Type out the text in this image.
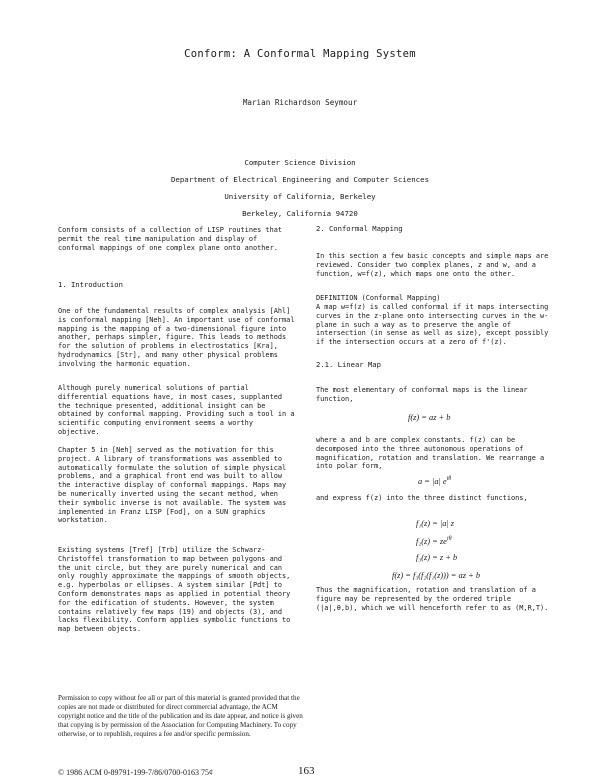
Conform: A Conformal Mapping System
Marian Richardson Seymour
Computer Science Division
Department of Electrical Engineering and Computer Sciences
University of California, Berkeley
Berkeley, California 94720
Conform consists of a collection of LISP routines that permit the real time manipulation and display of conformal mappings of one complex plane onto another.
1. Introduction
One of the fundamental results of complex analysis [Ahl] is conformal mapping [Neh]. An important use of conformal mapping is the mapping of a two-dimensional figure into another, perhaps simpler, figure. This leads to methods for the solution of problems in electrostatics [Kra], hydrodynamics [Str], and many other physical problems involving the harmonic equation.
Although purely numerical solutions of partial differential equations have, in most cases, supplanted the technique presented, additional insight can be obtained by conformal mapping. Providing such a tool in a scientific computing environment seems a worthy objective.
Chapter 5 in [Neh] served as the motivation for this project. A library of transformations was assembled to automatically formulate the solution of simple physical problems, and a graphical front end was built to allow the interactive display of conformal mappings. Maps may be numerically inverted using the secant method, when their symbolic inverse is not available. The system was implemented in Franz LISP [Fod], on a SUN graphics workstation.
Existing systems [Tref] [Trb] utilize the Schwarz-Christoffel transformation to map between polygons and the unit circle, but they are purely numerical and can only roughly approximate the mappings of smooth objects, e.g. hyperbolas or ellipses. A system similar [Pdt] to Conform demonstrates maps as applied in potential theory for the edification of students. However, the system contains relatively few maps (19) and objects (3), and lacks flexibility. Conform applies symbolic functions to map between objects.
2. Conformal Mapping
In this section a few basic concepts and simple maps are reviewed. Consider two complex planes, z and w, and a function, w=f(z), which maps one onto the other.
DEFINITION (Conformal Mapping)
A map w=f(z) is called conformal if it maps intersecting curves in the z-plane onto intersecting curves in the w-plane in such a way as to preserve the angle of intersection (in sense as well as size), except possibly if the intersection occurs at a zero of f'(z).
2.1. Linear Map
The most elementary of conformal maps is the linear function,
f(z) = az + b
where a and b are complex constants. f(z) can be decomposed into the three autonomous operations of magnification, rotation and translation. We rearrange a into polar form,
a = |a| $e^{i\theta}$
and express f(z) into the three distinct functions,
f₁(z) = |a| z
$f_2(z) = ze^{i\theta}$
f₃(z) = z + b
f(z) = f₃(f₂(f₁(z))) = az + b
Thus the magnification, rotation and translation of a figure may be represented by the ordered triple (|a|,θ,b), which we will henceforth refer to as (M,R,T).
Permission to copy without fee all or part of this material is granted provided that the copies are not made or distributed for direct commercial advantage, the ACM copyright notice and the title of the publication and its date appear, and notice is given that copying is by permission of the Association for Computing Machinery. To copy otherwise, or to republish, requires a fee and/or specific permission.
© 1986 ACM 0-89791-199-7/86/0700-0163 75¢	163
